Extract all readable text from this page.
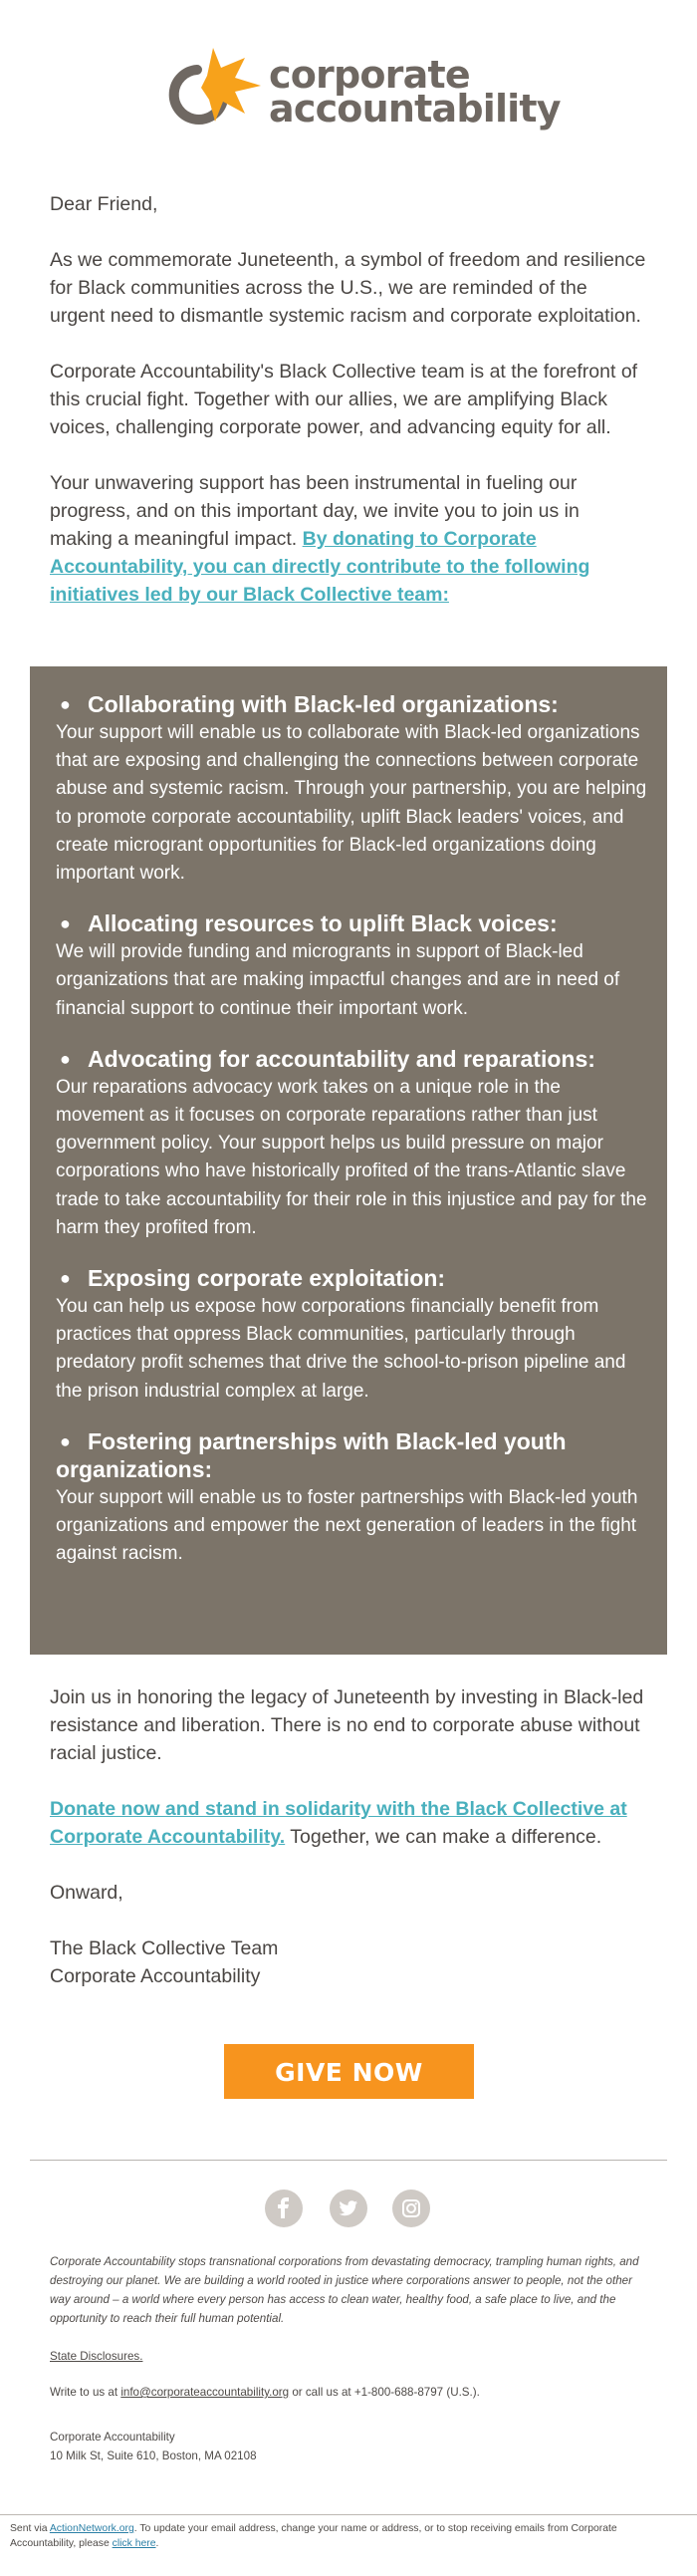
corporate
accountability

Dear Friend,

As we commemorate Juneteenth, a symbol of freedom and resilience for Black communities across the U.S., we are reminded of the urgent need to dismantle systemic racism and corporate exploitation.

Corporate Accountability's Black Collective team is at the forefront of this crucial fight. Together with our allies, we are amplifying Black voices, challenging corporate power, and advancing equity for all.

Your unwavering support has been instrumental in fueling our progress, and on this important day, we invite you to join us in making a meaningful impact. By donating to Corporate Accountability, you can directly contribute to the following initiatives led by our Black Collective team:

● Collaborating with Black-led organizations:

Your support will enable us to collaborate with Black-led organizations that are exposing and challenging the connections between corporate abuse and systemic racism. Through your partnership, you are helping to promote corporate accountability, uplift Black leaders' voices, and create microgrant opportunities for Black-led organizations doing important work.

● Allocating resources to uplift Black voices:

We will provide funding and microgrants in support of Black-led organizations that are making impactful changes and are in need of financial support to continue their important work.

● Advocating for accountability and reparations:

Our reparations advocacy work takes on a unique role in the movement as it focuses on corporate reparations rather than just government policy. Your support helps us build pressure on major corporations who have historically profited of the trans-Atlantic slave trade to take accountability for their role in this injustice and pay for the harm they profited from.

● Exposing corporate exploitation:

You can help us expose how corporations financially benefit from practices that oppress Black communities, particularly through predatory profit schemes that drive the school-to-prison pipeline and the prison industrial complex at large.

● Fostering partnerships with Black-led youth organizations:

Your support will enable us to foster partnerships with Black-led youth organizations and empower the next generation of leaders in the fight against racism.

Join us in honoring the legacy of Juneteenth by investing in Black-led resistance and liberation. There is no end to corporate abuse without racial justice.

Donate now and stand in solidarity with the Black Collective at Corporate Accountability. Together, we can make a difference.

Onward,

The Black Collective Team

Corporate Accountability

GIVE NOW
Corporate Accountability stops transnational corporations from devastating democracy, trampling human rights, and destroying our planet. We are building a world rooted in justice where corporations answer to people, not the other way around – a world where every person has access to clean water, healthy food, a safe place to live, and the opportunity to reach their full human potential.
State Disclosures.
Write to us at info@corporateaccountability.org or call us at +1-800-688-8797 (U.S.).
Corporate Accountability
10 Milk St, Suite 610, Boston, MA 02108
Sent via ActionNetwork.org. To update your email address, change your name or address, or to stop receiving emails from Corporate Accountability, please click here.
